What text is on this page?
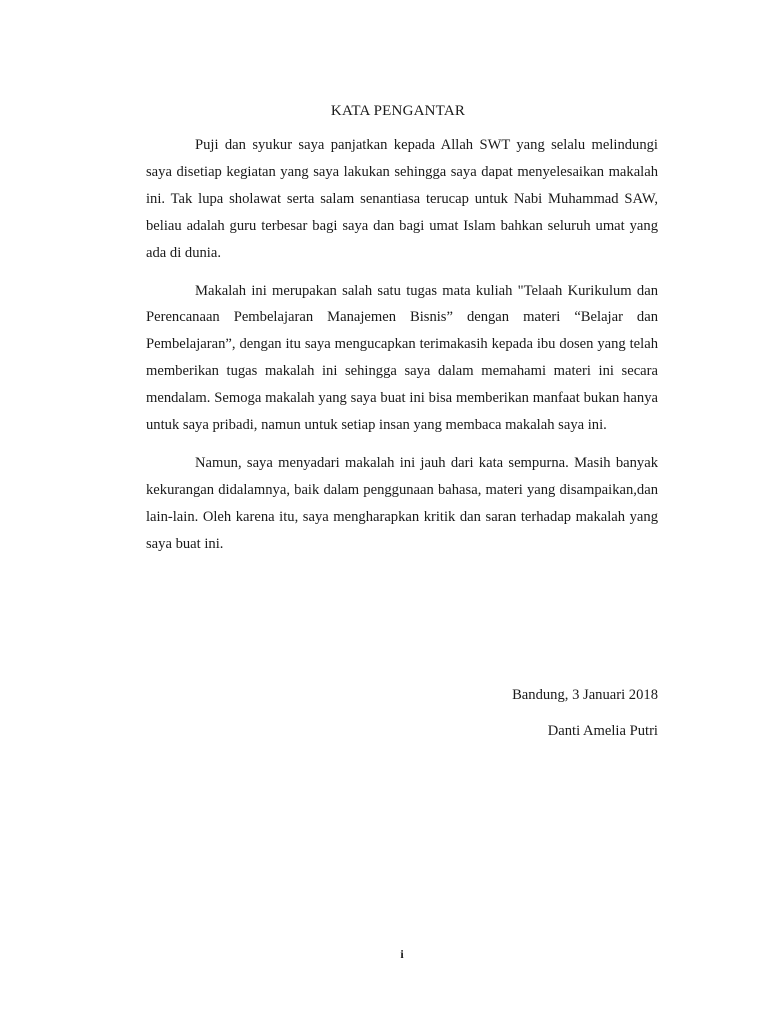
KATA PENGANTAR

Puji dan syukur saya panjatkan kepada Allah SWT yang selalu melindungi saya disetiap kegiatan yang saya lakukan sehingga saya dapat menyelesaikan makalah ini. Tak lupa sholawat serta salam senantiasa terucap untuk Nabi Muhammad SAW, beliau adalah guru terbesar bagi saya dan bagi umat Islam bahkan seluruh umat yang ada di dunia.

Makalah ini merupakan salah satu tugas mata kuliah "Telaah Kurikulum dan Perencanaan Pembelajaran Manajemen Bisnis” dengan materi “Belajar dan Pembelajaran”, dengan itu saya mengucapkan terimakasih kepada ibu dosen yang telah memberikan tugas makalah ini sehingga saya dalam memahami materi ini secara mendalam. Semoga makalah yang saya buat ini bisa memberikan manfaat bukan hanya untuk saya pribadi, namun untuk setiap insan yang membaca makalah saya ini.

Namun, saya menyadari makalah ini jauh dari kata sempurna. Masih banyak kekurangan didalamnya, baik dalam penggunaan bahasa, materi yang disampaikan,dan lain-lain. Oleh karena itu, saya mengharapkan kritik dan saran terhadap makalah yang saya buat ini.

Bandung, 3 Januari 2018
Danti Amelia Putri
i
